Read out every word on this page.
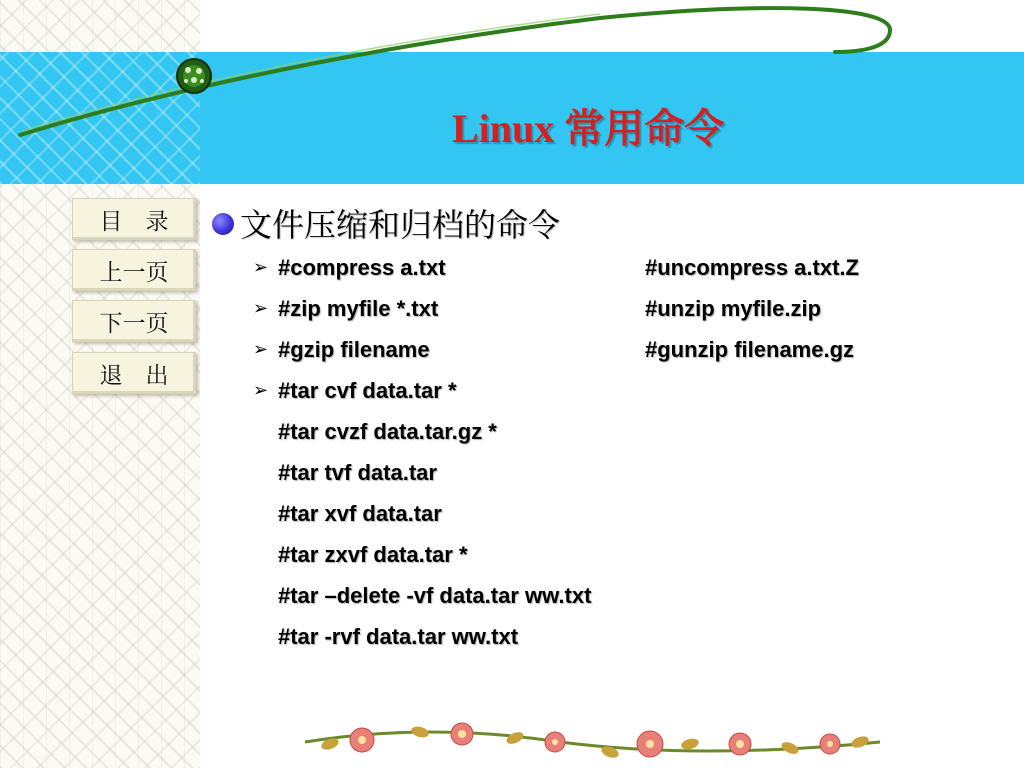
Linux 常用命令
目　录
上一页
下一页
退　出
文件压缩和归档的命令
➢
➢
➢
➢
#compress a.txt
#zip myfile *.txt
#gzip filename
#tar cvf data.tar *
#tar cvzf data.tar.gz *
#tar tvf data.tar
#tar xvf data.tar
#tar zxvf data.tar *
#tar –delete -vf data.tar ww.txt
#tar -rvf data.tar ww.txt
#uncompress a.txt.Z
#unzip myfile.zip
#gunzip filename.gz
